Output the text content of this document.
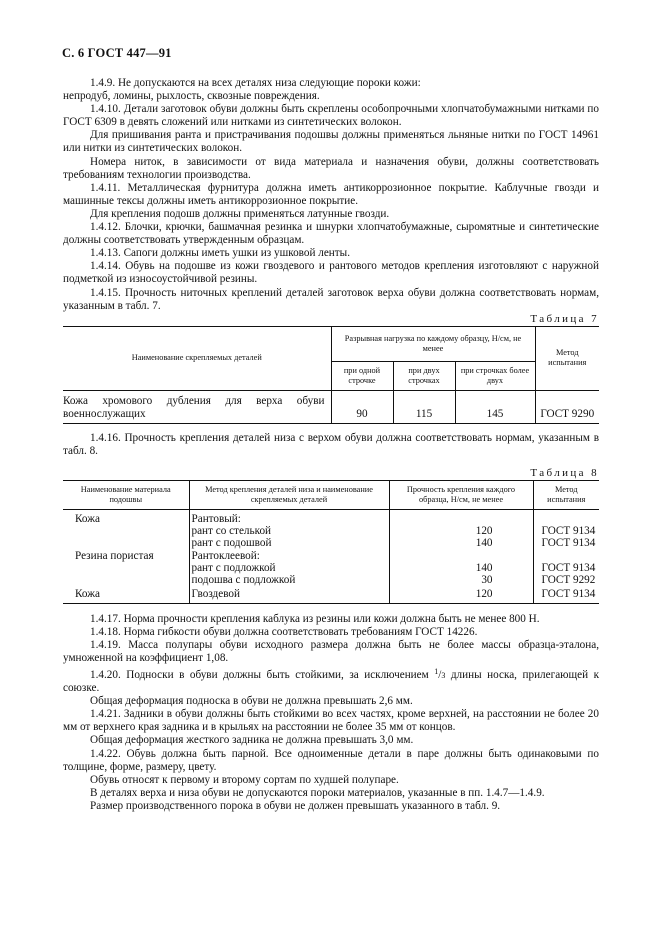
С. 6 ГОСТ 447—91

1.4.9. Не допускаются на всех деталях низа следующие пороки кожи:

непродуб, ломины, рыхлость, сквозные повреждения.

1.4.10. Детали заготовок обуви должны быть скреплены особопрочными хлопчатобумажными нитками по ГОСТ 6309 в девять сложений или нитками из синтетических волокон.

Для пришивания ранта и пристрачивания подошвы должны применяться льняные нитки по ГОСТ 14961 или нитки из синтетических волокон.

Номера ниток, в зависимости от вида материала и назначения обуви, должны соответствовать требованиям технологии производства.

1.4.11. Металлическая фурнитура должна иметь антикоррозионное покрытие. Каблучные гвозди и машинные тексы должны иметь антикоррозионное покрытие.

Для крепления подошв должны применяться латунные гвозди.

1.4.12. Блочки, крючки, башмачная резинка и шнурки хлопчатобумажные, сыромятные и синтетические должны соответствовать утвержденным образцам.

1.4.13. Сапоги должны иметь ушки из ушковой ленты.

1.4.14. Обувь на подошве из кожи гвоздевого и рантового методов крепления изготовляют с наружной подметкой из износоустойчивой резины.

1.4.15. Прочность ниточных креплений деталей заготовок верха обуви должна соответствовать нормам, указанным в табл. 7.

Таблица 7

Наименование скрепляемых деталей	Разрывная нагрузка по каждому образцу, Н/см, не менее			Метод испытания
	при одной строчке	при двух строчках	при строчках более двух	
Кожа хромового дубления для верха обуви военнослужащих	90	115	145	ГОСТ 9290

1.4.16. Прочность крепления деталей низа с верхом обуви должна соответствовать нормам, указанным в табл. 8.

Таблица 8

Наименование материала подошвы	Метод крепления деталей низа и наименование скрепляемых деталей	Прочность крепления каждого образца, Н/см, не менее	Метод испытания
Кожа	Рантовый:		
	рант со стелькой	120	ГОСТ 9134
	рант с подошвой	140	ГОСТ 9134
Резина пористая	Рантоклеевой:		
	рант с подложкой	140	ГОСТ 9134
	подошва с подложкой	30	ГОСТ 9292
Кожа	Гвоздевой	120	ГОСТ 9134

1.4.17. Норма прочности крепления каблука из резины или кожи должна быть не менее 800 Н.

1.4.18. Норма гибкости обуви должна соответствовать требованиям ГОСТ 14226.

1.4.19. Масса полупары обуви исходного размера должна быть не более массы образца-эталона, умноженной на коэффициент 1,08.

1.4.20. Подноски в обуви должны быть стойкими, за исключением $^1$/3 длины носка, прилегающей к союзке.

Общая деформация подноска в обуви не должна превышать 2,6 мм.

1.4.21. Задники в обуви должны быть стойкими во всех частях, кроме верхней, на расстоянии не более 20 мм от верхнего края задника и в крыльях на расстоянии не более 35 мм от концов.

Общая деформация жесткого задника не должна превышать 3,0 мм.

1.4.22. Обувь должна быть парной. Все одноименные детали в паре должны быть одинаковыми по толщине, форме, размеру, цвету.

Обувь относят к первому и второму сортам по худшей полупаре.

В деталях верха и низа обуви не допускаются пороки материалов, указанные в пп. 1.4.7—1.4.9.

Размер производственного порока в обуви не должен превышать указанного в табл. 9.
